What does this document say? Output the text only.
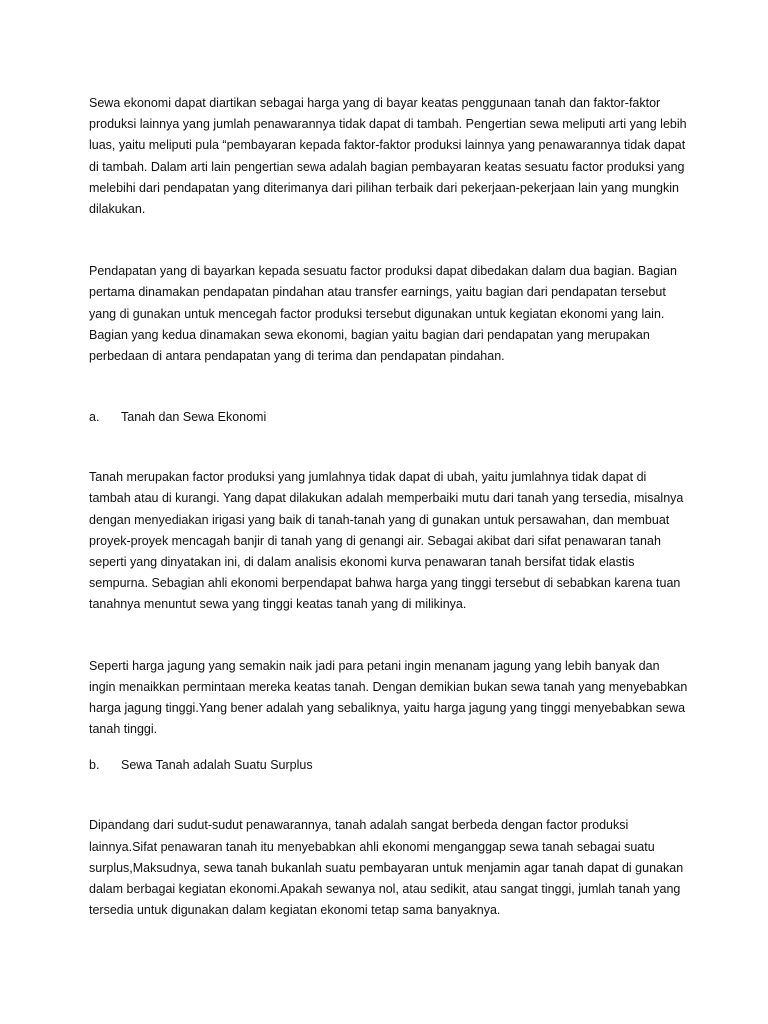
Sewa ekonomi dapat diartikan sebagai harga yang di bayar keatas penggunaan tanah dan faktor-faktor produksi lainnya yang jumlah penawarannya tidak dapat di tambah. Pengertian sewa meliputi arti yang lebih luas, yaitu meliputi pula “pembayaran kepada faktor-faktor produksi lainnya yang penawarannya tidak dapat di tambah. Dalam arti lain pengertian sewa adalah bagian pembayaran keatas sesuatu factor produksi yang melebihi dari pendapatan yang diterimanya dari pilihan terbaik dari pekerjaan-pekerjaan lain yang mungkin dilakukan.

Pendapatan yang di bayarkan kepada sesuatu factor produksi dapat dibedakan dalam dua bagian. Bagian pertama dinamakan pendapatan pindahan atau transfer earnings, yaitu bagian dari pendapatan tersebut yang di gunakan untuk mencegah factor produksi tersebut digunakan untuk kegiatan ekonomi yang lain. Bagian yang kedua dinamakan sewa ekonomi, bagian yaitu bagian dari pendapatan yang merupakan perbedaan di antara pendapatan yang di terima dan pendapatan pindahan.

a.	Tanah dan Sewa Ekonomi

Tanah merupakan factor produksi yang jumlahnya tidak dapat di ubah, yaitu jumlahnya tidak dapat di tambah atau di kurangi. Yang dapat dilakukan adalah memperbaiki mutu dari tanah yang tersedia, misalnya dengan menyediakan irigasi yang baik di tanah-tanah yang di gunakan untuk persawahan, dan membuat proyek-proyek mencagah banjir di tanah yang di genangi air. Sebagai akibat dari sifat penawaran tanah seperti yang dinyatakan ini, di dalam analisis ekonomi kurva penawaran tanah bersifat tidak elastis sempurna. Sebagian ahli ekonomi berpendapat bahwa harga yang tinggi tersebut di sebabkan karena tuan tanahnya menuntut sewa yang tinggi keatas tanah yang di milikinya.

Seperti harga jagung yang semakin naik jadi para petani ingin menanam jagung yang lebih banyak dan ingin menaikkan permintaan mereka keatas tanah. Dengan demikian bukan sewa tanah yang menyebabkan harga jagung tinggi.Yang bener adalah yang sebaliknya, yaitu harga jagung yang tinggi menyebabkan sewa tanah tinggi.

b.	Sewa Tanah adalah Suatu Surplus

Dipandang dari sudut-sudut penawarannya, tanah adalah sangat berbeda dengan factor produksi lainnya.Sifat penawaran tanah itu menyebabkan ahli ekonomi menganggap sewa tanah sebagai suatu surplus,Maksudnya, sewa tanah bukanlah suatu pembayaran untuk menjamin agar tanah dapat di gunakan dalam berbagai kegiatan ekonomi.Apakah sewanya nol, atau sedikit, atau sangat tinggi, jumlah tanah yang tersedia untuk digunakan dalam kegiatan ekonomi tetap sama banyaknya.
